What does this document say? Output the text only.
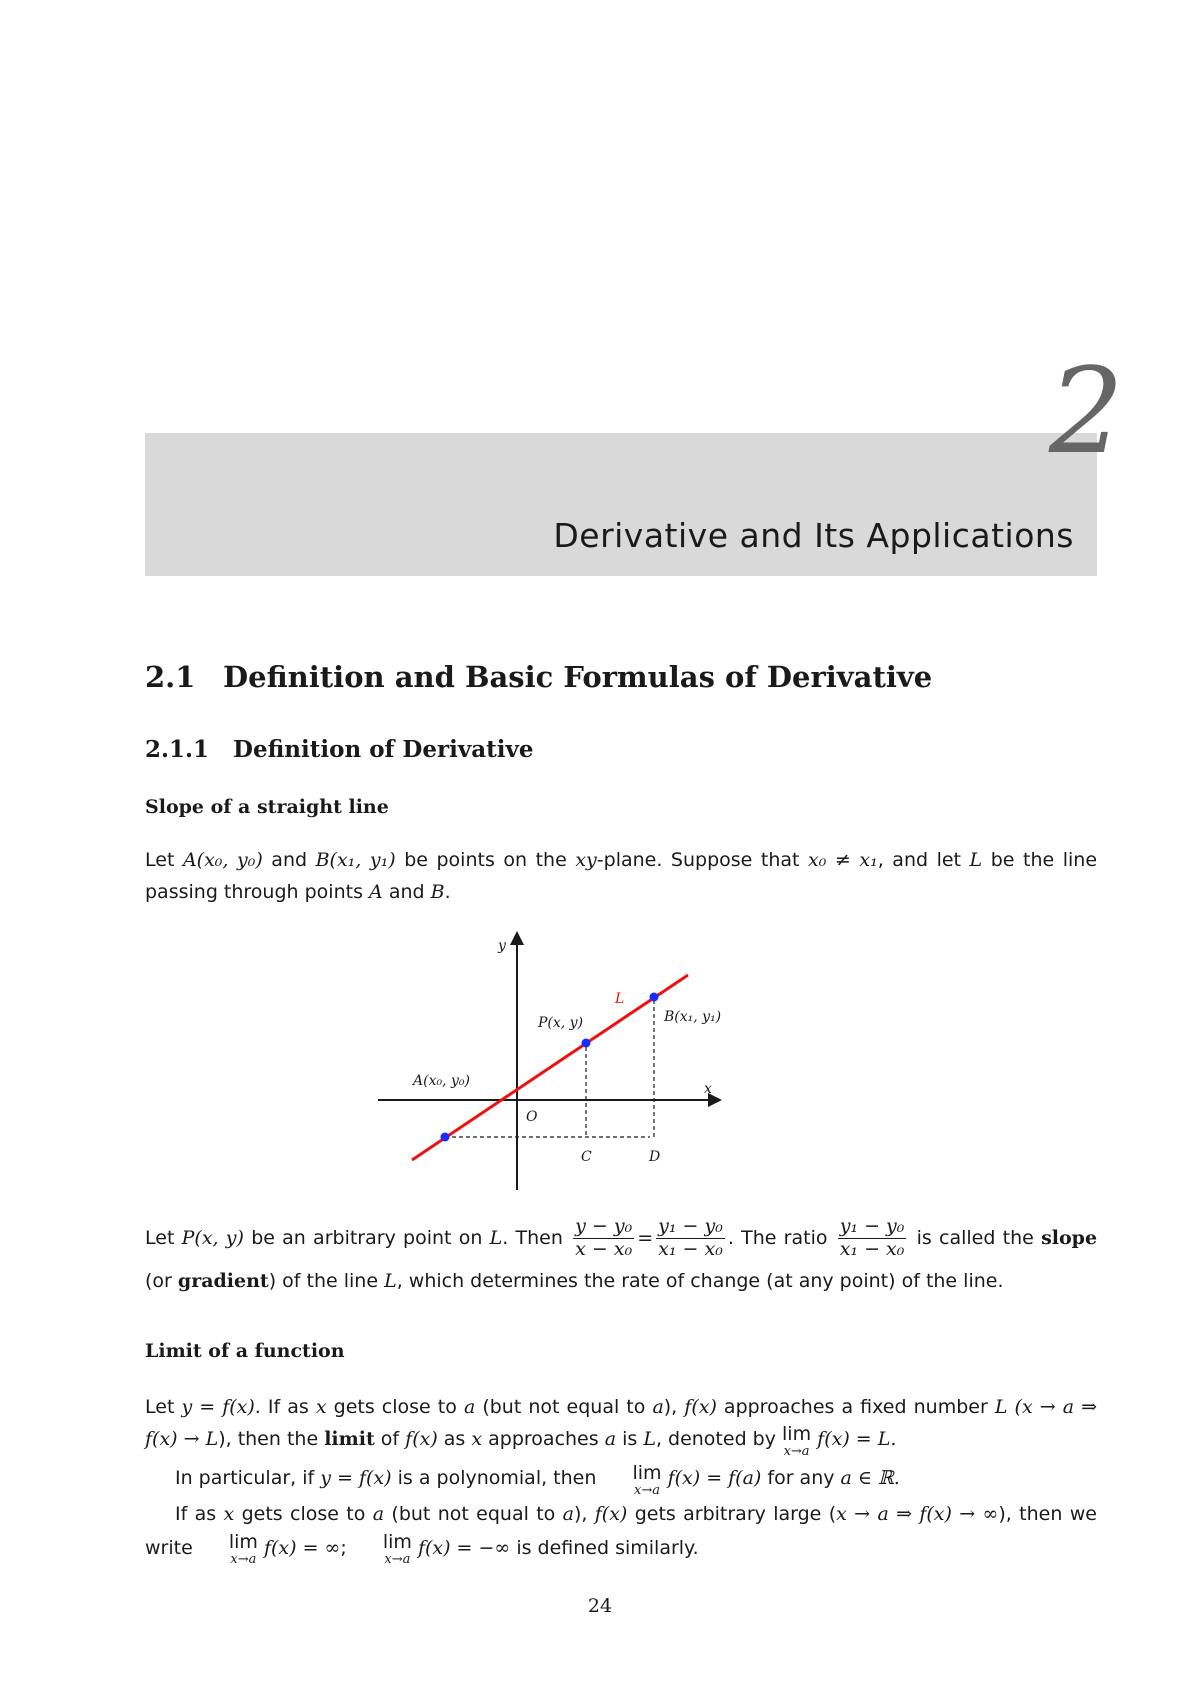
2
Derivative and Its Applications
2.1 Definition and Basic Formulas of Derivative
2.1.1 Definition of Derivative
Slope of a straight line

Let A(x₀, y₀) and B(x₁, y₁) be points on the xy-plane. Suppose that x₀ ≠ x₁, and let L be the line passing through points A and B.

y
x
O
L
A(x₀, y₀)
B(x₁, y₁)
P(x, y)
C	D

Let P(x, y) be an arbitrary point on L. Then $\frac{\text{y − y₀}}{\text{x − x₀}} = \frac{\text{y₁ − y₀}}{\text{x₁ − x₀}}$ . The ratio $\frac{\text{y₁ − y₀}}{\text{x₁ − x₀}}$ is called the slope (or gradient) of the line L, which determines the rate of change (at any point) of the line.

Limit of a function

Let y = f(x). If as x gets close to a (but not equal to a), f(x) approaches a fixed number L (x → a ⇒ f(x) → L), then the limit of f(x) as x approaches a is L, denoted by lim
x→a
f(x) = L.

In particular, if y = f(x) is a polynomial, then	lim
x→a
f(x) = f(a) for any a ∈ ℝ.

If as x gets close to a (but not equal to a), f(x) gets arbitrary large (x → a ⇒ f(x) → ∞), then we write	lim
x→a
f(x) = ∞;	lim
x→a
f(x) = −∞ is defined similarly.

24
